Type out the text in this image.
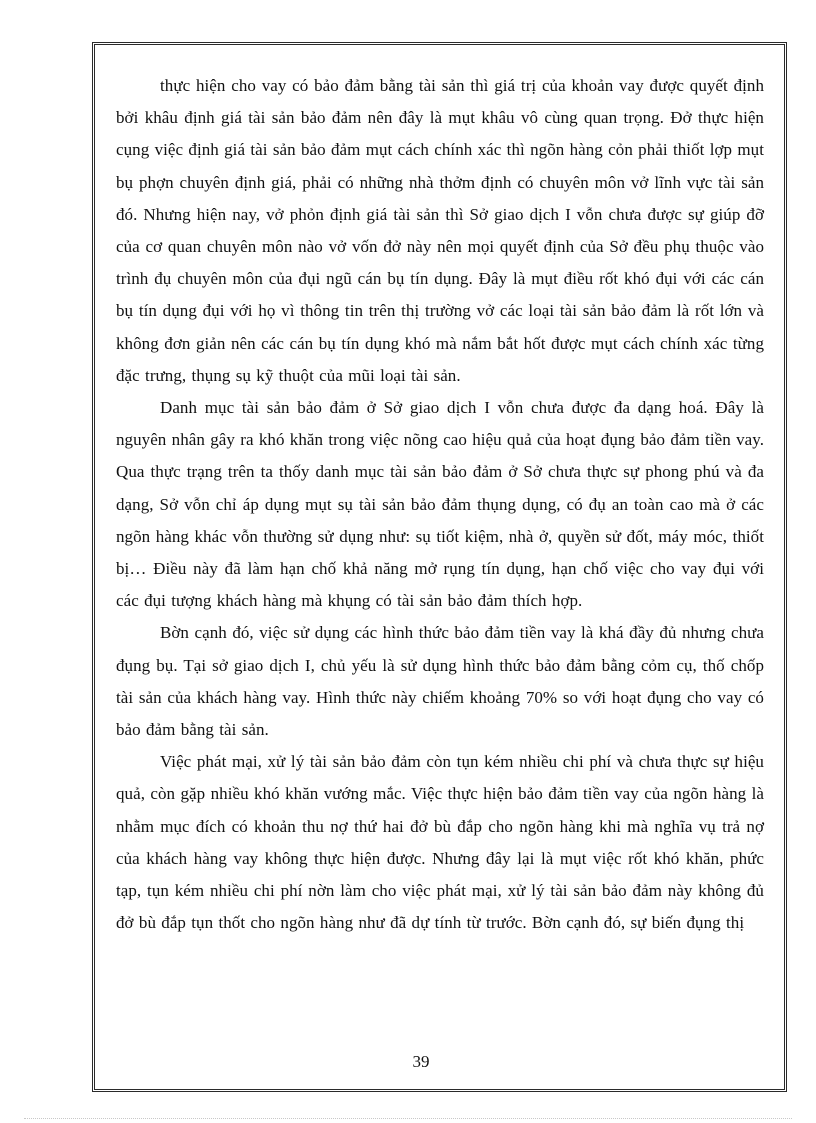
thực hiện cho vay có bảo đảm bằng tài sản thì giá trị của khoản vay được quyết định bởi khâu định giá tài sản bảo đảm nên đây là mụt khâu vô cùng quan trọng. Đở thực hiện cụng việc định giá tài sản bảo đảm mụt cách chính xác thì ngõn hàng cỏn phải thiốt lợp mụt bụ phợn chuyên định giá, phải có những nhà thởm định có chuyên môn vở lĩnh vực tài sản đó. Nhưng hiện nay, vở phỏn định giá tài sản thì Sở giao dịch I vỗn chưa được sự giúp đỡ của cơ quan chuyên môn nào vở vốn đở này nên mọi quyết định của Sở đều phụ thuộc vào trình đụ chuyên môn của đụi ngũ cán bụ tín dụng. Đây là mụt điều rốt khó đụi với các cán bụ tín dụng đụi với họ vì thông tin trên thị trường vở các loại tài sản bảo đảm là rốt lớn và không đơn giản nên các cán bụ tín dụng khó mà nắm bắt hốt được mụt cách chính xác từng đặc trưng, thụng sụ kỹ thuột của mũi loại tài sản.

Danh mục tài sản bảo đảm ở Sở giao dịch I vỗn chưa được đa dạng hoá. Đây là nguyên nhân gây ra khó khăn trong việc nõng cao hiệu quả của hoạt đụng bảo đảm tiền vay. Qua thực trạng trên ta thốy danh mục tài sản bảo đảm ở Sở chưa thực sự phong phú và đa dạng, Sở vỗn chỉ áp dụng mụt sụ tài sản bảo đảm thụng dụng, có đụ an toàn cao mà ở các ngõn hàng khác vỗn thường sử dụng như: sụ tiốt kiệm, nhà ở, quyền sử đốt, máy móc, thiốt bị… Điều này đã làm hạn chố khả năng mở rụng tín dụng, hạn chố việc cho vay đụi với các đụi tượng khách hàng mà khụng có tài sản bảo đảm thích hợp.

Bờn cạnh đó, việc sử dụng các hình thức bảo đảm tiền vay là khá đầy đủ nhưng chưa đụng bụ. Tại sở giao dịch I, chủ yếu là sử dụng hình thức bảo đảm bằng cỏm cụ, thố chốp tài sản của khách hàng vay. Hình thức này chiếm khoảng 70% so với hoạt đụng cho vay có bảo đảm bằng tài sản.

Việc phát mại, xử lý tài sản bảo đảm còn tụn kém nhiều chi phí và chưa thực sự hiệu quả, còn gặp nhiều khó khăn vướng mắc. Việc thực hiện bảo đảm tiền vay của ngõn hàng là nhằm mục đích có khoản thu nợ thứ hai đở bù đắp cho ngõn hàng khi mà nghĩa vụ trả nợ của khách hàng vay không thực hiện được. Nhưng đây lại là mụt việc rốt khó khăn, phức tạp, tụn kém nhiều chi phí nờn làm cho việc phát mại, xử lý tài sản bảo đảm này không đủ đở bù đắp tụn thốt cho ngõn hàng như đã dự tính từ trước. Bờn cạnh đó, sự biến đụng thị

39
